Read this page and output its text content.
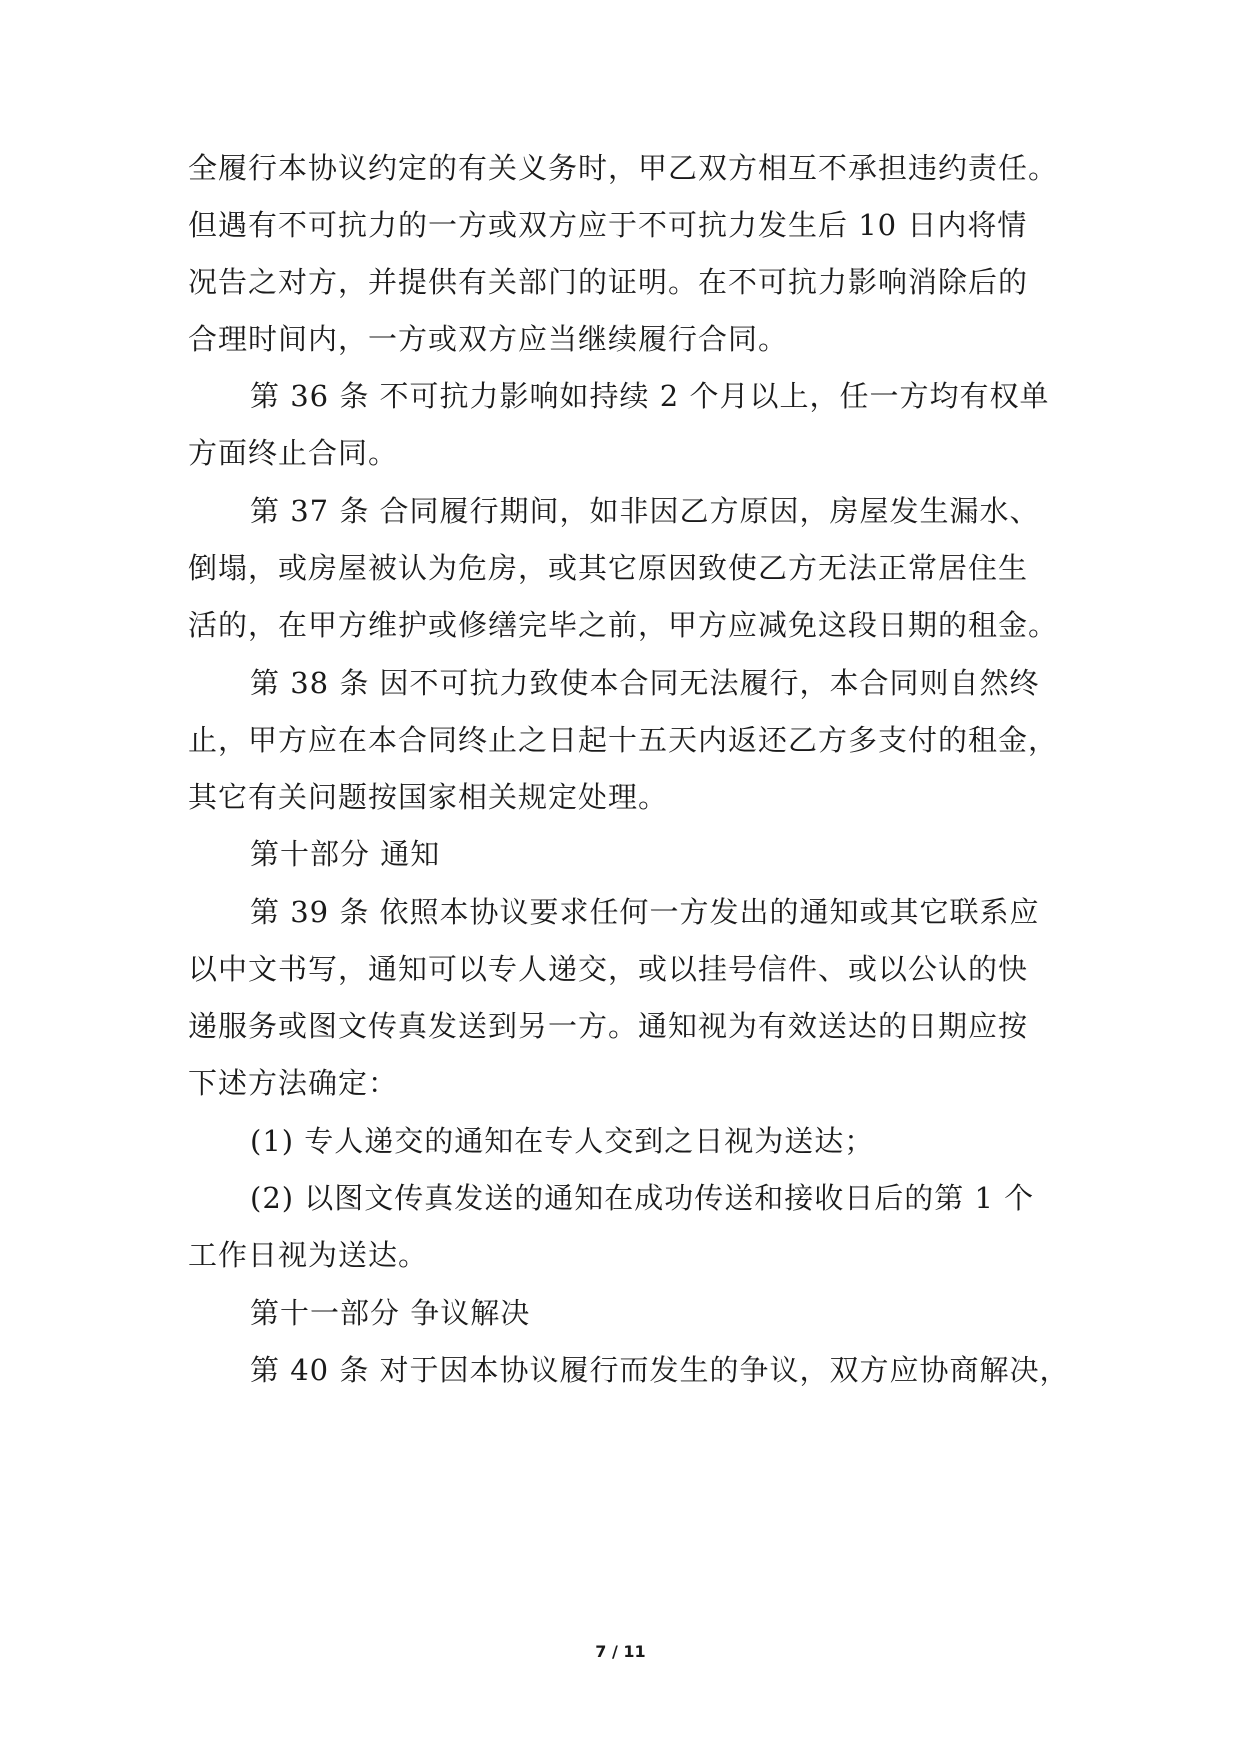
全履行本协议约定的有关义务时，甲乙双方相互不承担违约责任。
但遇有不可抗力的一方或双方应于不可抗力发生后 10 日内将情
况告之对方，并提供有关部门的证明。在不可抗力影响消除后的
合理时间内，一方或双方应当继续履行合同。
第 36 条 不可抗力影响如持续 2 个月以上，任一方均有权单
方面终止合同。
第 37 条 合同履行期间，如非因乙方原因，房屋发生漏水、
倒塌，或房屋被认为危房，或其它原因致使乙方无法正常居住生
活的，在甲方维护或修缮完毕之前，甲方应减免这段日期的租金。
第 38 条 因不可抗力致使本合同无法履行，本合同则自然终
止，甲方应在本合同终止之日起十五天内返还乙方多支付的租金，
其它有关问题按国家相关规定处理。
第十部分 通知
第 39 条 依照本协议要求任何一方发出的通知或其它联系应
以中文书写，通知可以专人递交，或以挂号信件、或以公认的快
递服务或图文传真发送到另一方。通知视为有效送达的日期应按
下述方法确定：
(1) 专人递交的通知在专人交到之日视为送达；
(2) 以图文传真发送的通知在成功传送和接收日后的第 1 个
工作日视为送达。
第十一部分 争议解决
第 40 条 对于因本协议履行而发生的争议，双方应协商解决，
7 / 11
